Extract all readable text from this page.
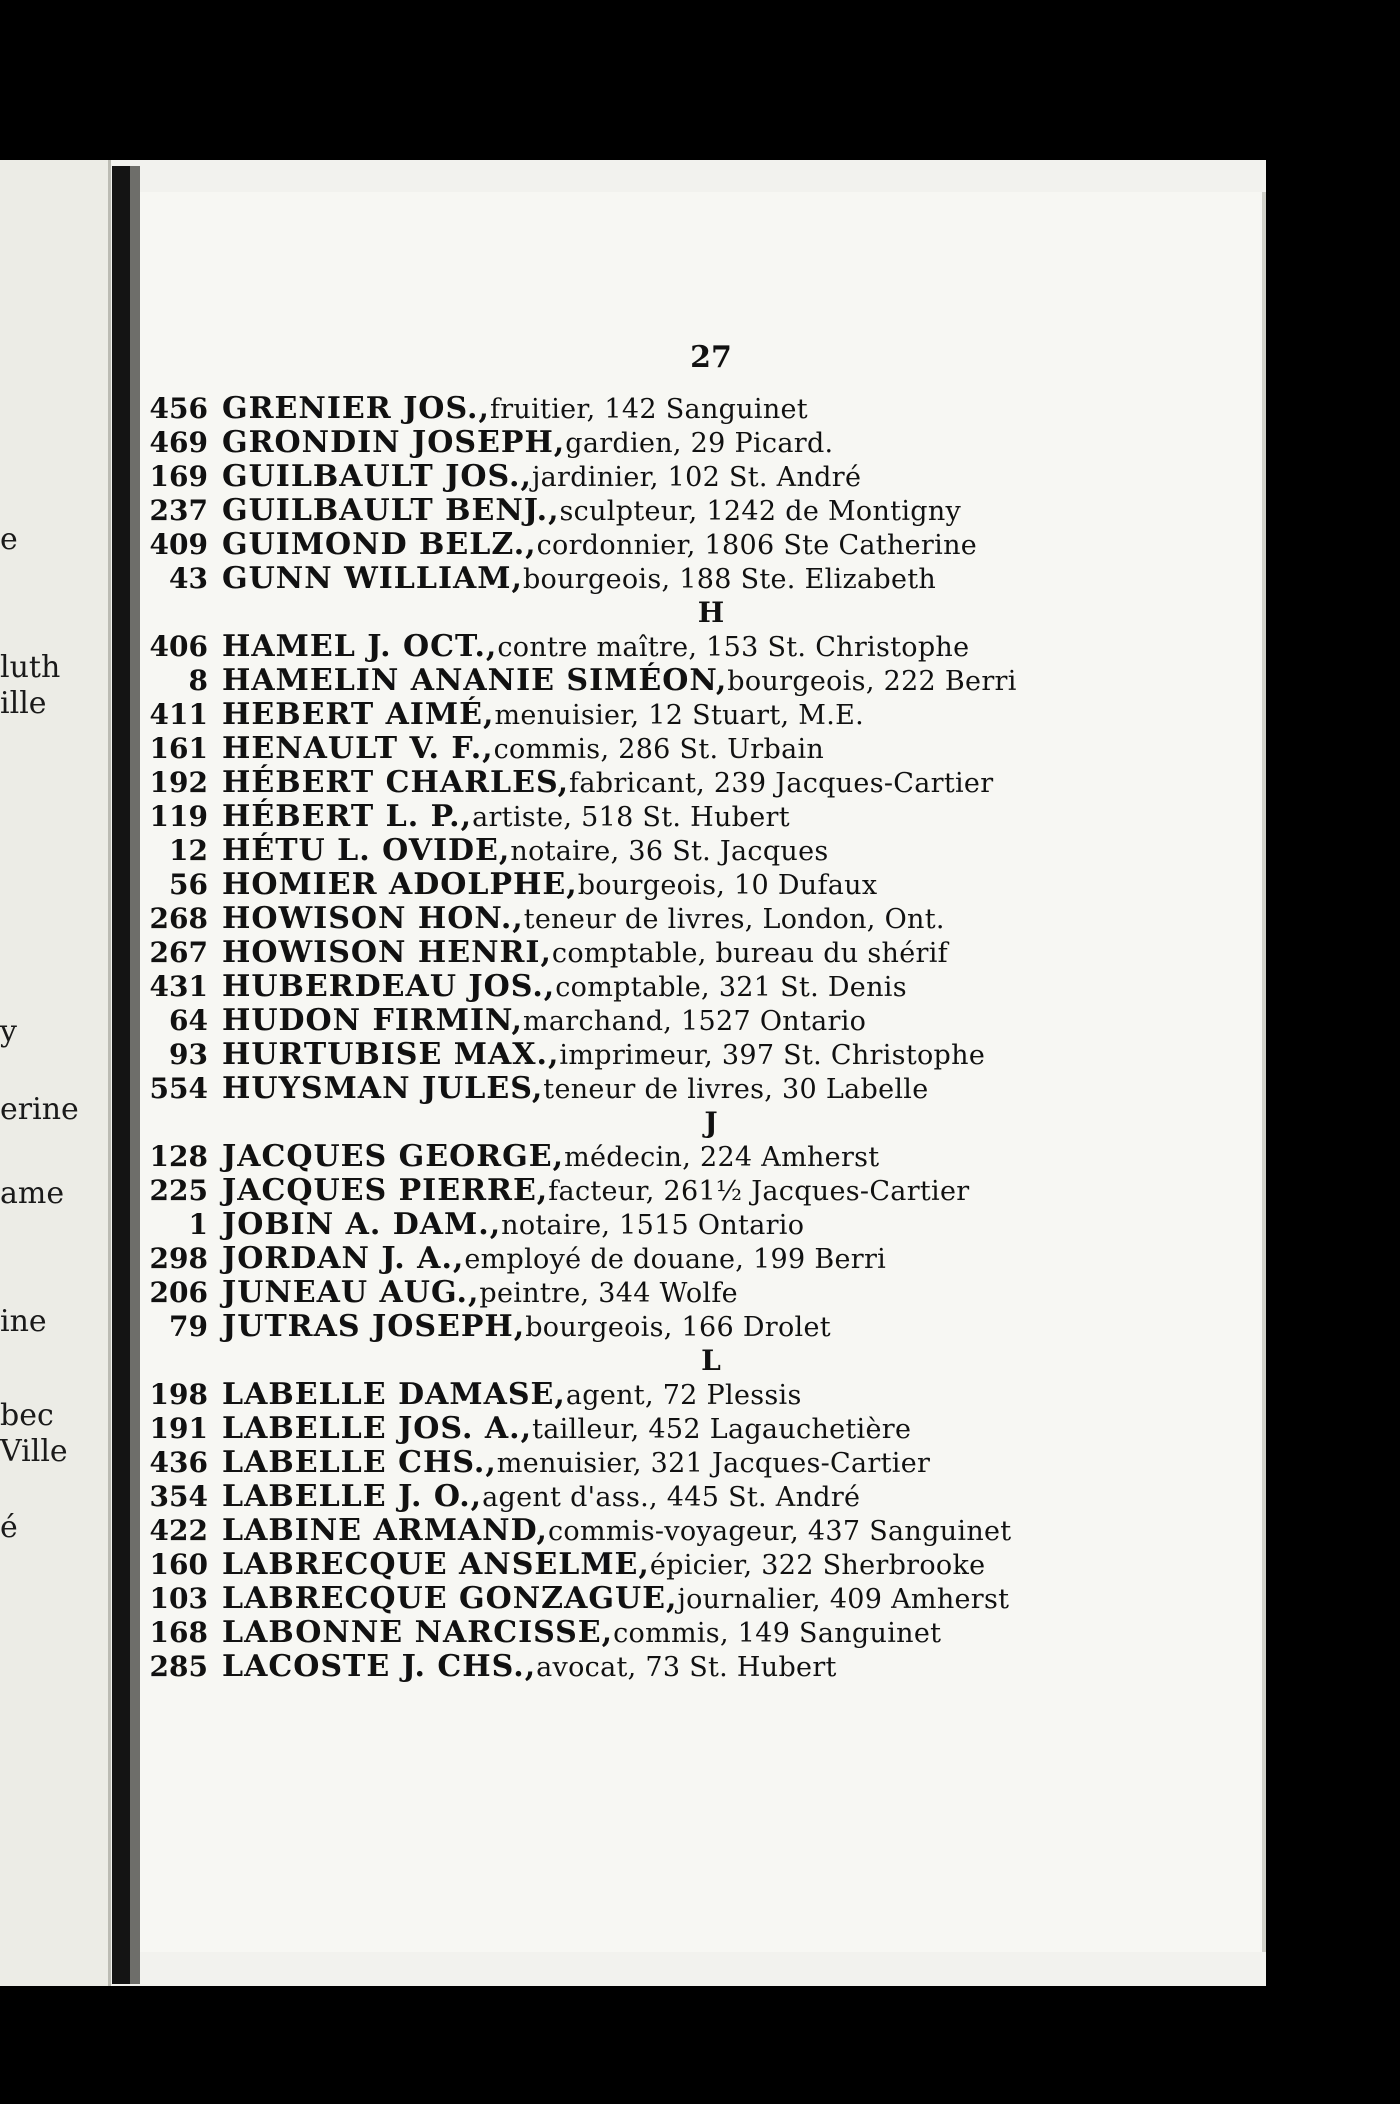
e
luth
ille
y
erine
ame
ine
bec
Ville
é
27
456 GRENIER JOS., fruitier, 142 Sanguinet
469 GRONDIN JOSEPH, gardien, 29 Picard.
169 GUILBAULT JOS., jardinier, 102 St. André
237 GUILBAULT BENJ., sculpteur, 1242 de Montigny
409 GUIMOND BELZ., cordonnier, 1806 Ste Catherine
43 GUNN WILLIAM, bourgeois, 188 Ste. Elizabeth
H
406 HAMEL J. OCT., contre maître, 153 St. Christophe
8 HAMELIN ANANIE SIMÉON, bourgeois, 222 Berri
411 HEBERT AIMÉ, menuisier, 12 Stuart, M.E.
161 HENAULT V. F., commis, 286 St. Urbain
192 HÉBERT CHARLES, fabricant, 239 Jacques-Cartier
119 HÉBERT L. P., artiste, 518 St. Hubert
12 HÉTU L. OVIDE, notaire, 36 St. Jacques
56 HOMIER ADOLPHE, bourgeois, 10 Dufaux
268 HOWISON HON., teneur de livres, London, Ont.
267 HOWISON HENRI, comptable, bureau du shérif
431 HUBERDEAU JOS., comptable, 321 St. Denis
64 HUDON FIRMIN, marchand, 1527 Ontario
93 HURTUBISE MAX., imprimeur, 397 St. Christophe
554 HUYSMAN JULES, teneur de livres, 30 Labelle
J
128 JACQUES GEORGE, médecin, 224 Amherst
225 JACQUES PIERRE, facteur, 261½ Jacques-Cartier
1 JOBIN A. DAM., notaire, 1515 Ontario
298 JORDAN J. A., employé de douane, 199 Berri
206 JUNEAU AUG., peintre, 344 Wolfe
79 JUTRAS JOSEPH, bourgeois, 166 Drolet
L
198 LABELLE DAMASE, agent, 72 Plessis
191 LABELLE JOS. A., tailleur, 452 Lagauchetière
436 LABELLE CHS., menuisier, 321 Jacques-Cartier
354 LABELLE J. O., agent d'ass., 445 St. André
422 LABINE ARMAND, commis-voyageur, 437 Sanguinet
160 LABRECQUE ANSELME, épicier, 322 Sherbrooke
103 LABRECQUE GONZAGUE, journalier, 409 Amherst
168 LABONNE NARCISSE, commis, 149 Sanguinet
285 LACOSTE J. CHS., avocat, 73 St. Hubert
